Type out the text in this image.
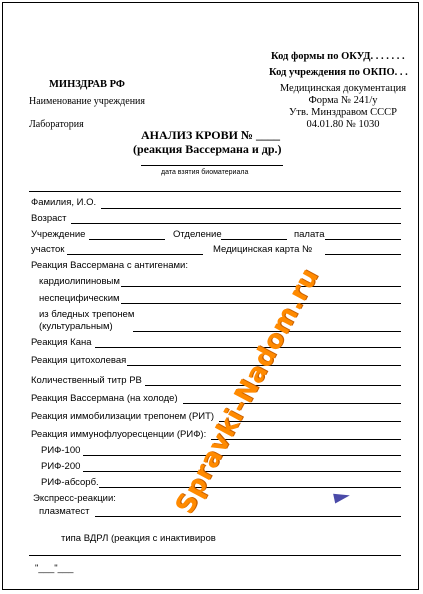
Код формы по ОКУД. . . . . . .
Код учреждения по ОКПО. . .
Медицинская документация
Форма № 241/у
Утв. Минздравом СССР
04.01.80 № 1030
МИНЗДРАВ РФ
Наименование учреждения
Лаборатория
АНАЛИЗ КРОВИ № ____
(реакция Вассермана и др.)
дата взятия биоматериала
Фамилия, И.О.
Возраст
Учреждение	Отделение	палата
участок	Медицинская карта №
Реакция Вассермана с антигенами:
кардиолипиновым
неспецифическим
из бледных трепонем
(культуральным)
Реакция Кана
Реакция цитохолевая
Количественный титр РВ
Реакция Вассермана (на холоде)
Реакция иммобилизации трепонем (РИТ)
Реакция иммунофлуоресценции (РИФ):
РИФ-100
РИФ-200
РИФ-абсорб.
Экспресс-реакции:
плазматест
типа ВДРЛ (реакция с инактивиров
"___"___
Spravki-Nadom.ru
